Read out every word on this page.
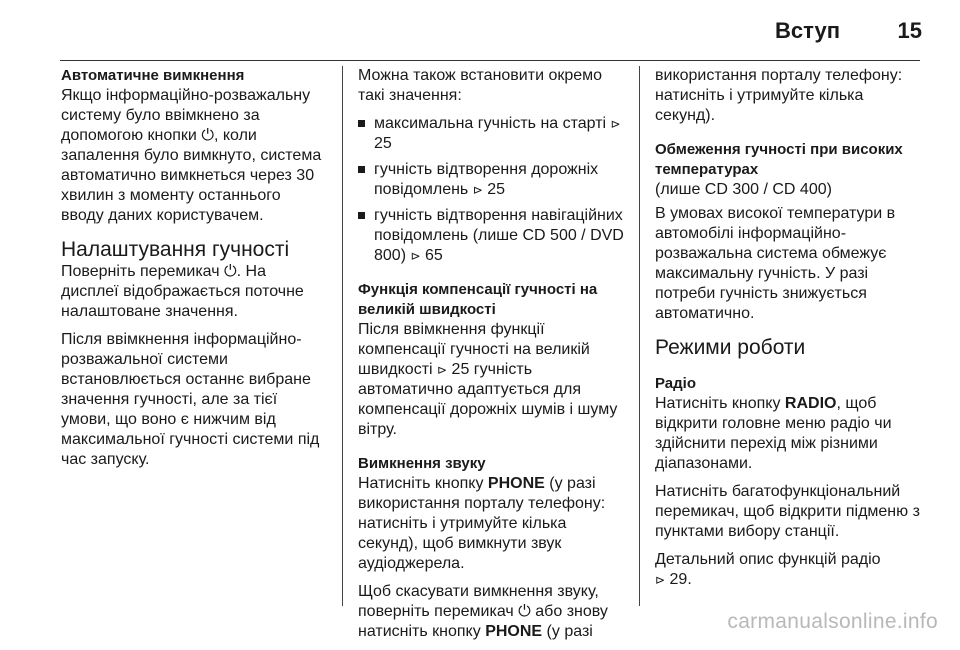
Вступ	15
Автоматичне вимкнення

Якщо інформаційно-розважальну систему було ввімкнено за допомогою кнопки ⏻, коли запалення було вимкнуто, система автоматично вимкнеться через 30 хвилин з моменту останнього вводу даних користувачем.

Налаштування гучності

Поверніть перемикач ⏻. На дисплеї відображається поточне налаштоване значення.

Після ввімкнення інформаційно-розважальної системи встановлюється останнє вибране значення гучності, але за тієї умови, що воно є нижчим від максимальної гучності системи під час запуску.

Можна також встановити окремо такі значення:

максимальна гучність на старті ⊳ 25
гучність відтворення дорожніх повідомлень ⊳ 25
гучність відтворення навігаційних повідомлень (лише CD 500 / DVD 800) ⊳ 65
Функція компенсації гучності на великій швидкості

Після ввімкнення функції компенсації гучності на великій швидкості ⊳ 25 гучність автоматично адаптується для компенсації дорожніх шумів і шуму вітру.

Вимкнення звуку

Натисніть кнопку PHONE (у разі використання порталу телефону: натисніть і утримуйте кілька секунд), щоб вимкнути звук аудіоджерела.

Щоб скасувати вимкнення звуку, поверніть перемикач ⏻ або знову натисніть кнопку PHONE (у разі

використання порталу телефону: натисніть і утримуйте кілька секунд).

Обмеження гучності при високих температурах

(лише CD 300 / CD 400)

В умовах високої температури в автомобілі інформаційно-розважальна система обмежує максимальну гучність. У разі потреби гучність знижується автоматично.

Режими роботи
Радіо

Натисніть кнопку RADIO, щоб відкрити головне меню радіо чи здійснити перехід між різними діапазонами.

Натисніть багатофункціональний перемикач, щоб відкрити підменю з пунктами вибору станції.

Детальний опис функцій радіо
⊳ 29.

carmanualsonline.info
